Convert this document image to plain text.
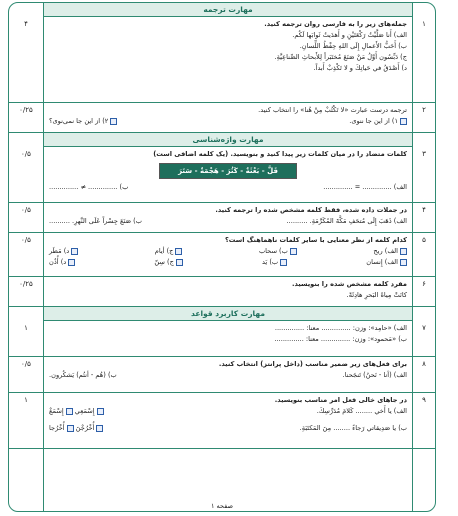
مهارت ترجمه
۱
۴	جمله‌های زیر را به فارسی روان ترجمه کنید.
الف) أَنا صَلَّيْتُ رَكْعَتَيْنِ و أَهدَيتُ ثَوابَها لَكُم.
ب) أَحَبُّ الأَعمالِ إِلَى اللهِ حِفْظُ اللِّسانِ.
ج) دَبِّسُون أَوَّلُ مَنْ صَنَعَ مُختَبَراً لِلأَبحاثِ الصِّناعِيَّةِ.
د) أَصْدَقُ في حَياتِكَ و لا تَكْذِبْ أَبداً.
۲
۰/۲۵	ترجمه درست عبارت «لا تَكْتُبْ مِنْ هُنا» را انتخاب کنید.
۱) از این جا ننوی.
۲) از این جا نمی‌نوی؟
مهارت واژه‌شناسی
۳
۰/۵	کلمات متضاد را در میان کلمات زیر پیدا کنید و بنویسید. (یک کلمه اضافی است)
قَلَّ - بَعْثَةٌ - كَثُرَ - هَجْمَةٌ - سَتَرَ
الف) .............. = ..............
ب) .............. ≠ ..............
۴
۰/۵	در جملات داده شده، فقط کلمه مشخص شده را ترجمه کنید.
الف) ذَهَبَ إِلَى مُتحَفِ مَكَّةَ المُكَرَّمَةِ. ..........
ب) صَنَعَ جِسْراً عَلَى النَّهرِ. ..........
۵
۰/۵	کدام کلمه از نظر معنایی با سایر کلمات ناهماهنگ است؟
الف) ريح
ب) سحاب
ج) أيام
د) مَطَر
الف) إِنسان
ب) يَد
ج) سِنّ
د) أُذُن
۶
۰/۲۵	مفرد کلمه مشخص شده را بنویسید.
كانَتْ مِياهُ البَحرِ هادِئَةً.
مهارت کاربرد قواعد
۷
۱	الف) «حامِد»: وزن: .............. معنا: ..............
ب) «مَحمود»: وزن: .............. معنا: ..............
۸
۰/۵	برای فعل‌های زیر ضمیر مناسب (داخل پرانتز) انتخاب کنید.
الف) (أنا - نَحنُ) تَنجَحنا.
ب) (هُم - أنتُم) يَشكُرون.
۹
۱	در جاهای خالی فعل امر مناسب بنویسید.
الف) يا أَخي ........ كَلامَ مُدَرِّسِكَ.
إِسْمَعِي إِسْمَعْ
ب) يا صَدِيقاتي رَجاءً ........ مِنَ المَكتَبَةِ.
أُخْرُجْنَ أُخْرُجا
صفحه ۱
